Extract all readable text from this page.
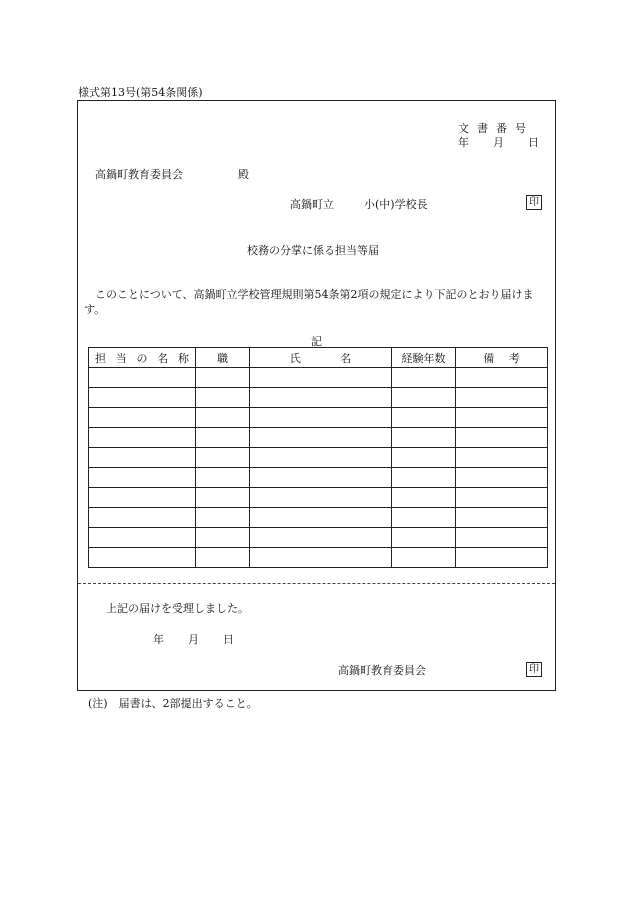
様式第13号(第54条関係)
文 書 番 号
年 月 日
高鍋町教育委員会	殿
高鍋町立	小(中)学校長	印
校務の分掌に係る担当等届
このことについて、高鍋町立学校管理規則第54条第2項の規定により下記のとおり届けます。
記
担 当 の 名 称	職	氏 名	経験年数	備 考

上記の届けを受理しました。
年 月 日
高鍋町教育委員会	印
(注)　届書は、2部提出すること。
